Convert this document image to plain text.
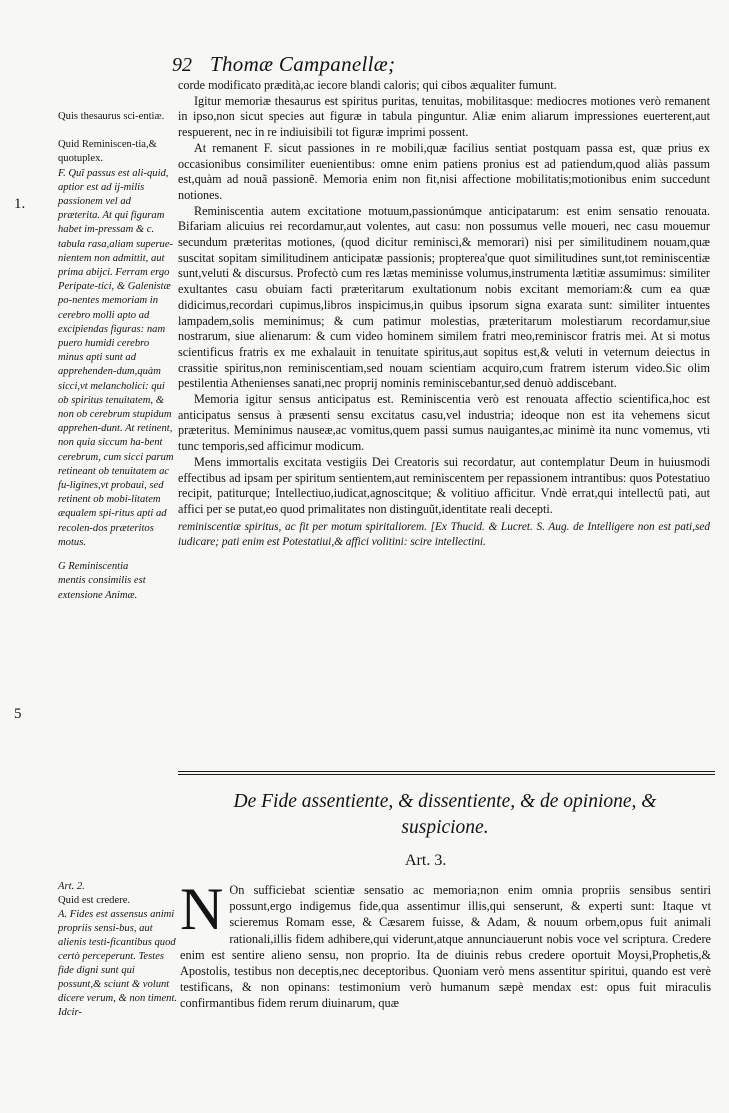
92 Thomæ Campanellæ;

corde modificato prædità,ac iecore blandi caloris; qui cibos æqualiter fumunt.

Igitur memoriæ thesaurus est spiritus puritas, tenuitas, mobilitasque: mediocres motiones verò remanent in ipso,non sicut species aut figuræ in tabula pinguntur. Aliæ enim aliarum impressiones euerterent,aut respuerent, nec in re indiuisibili tot figuræ imprimi possent.

At remanent F. sicut passiones in re mobili,quæ facilius sentiat postquam passa est, quæ prius ex occasionibus consimiliter euenientibus: omne enim patiens pronius est ad patiendum,quod aliàs passum est,quàm ad nouã passionẽ. Memoria enim non fit,nisi affectione mobilitatis;motionibus enim succedunt notiones.

Reminiscentia autem excitatione motuum,passionúmque anticipatarum: est enim sensatio renouata. Bifariam alicuius rei recordamur,aut volentes, aut casu: non possumus velle moueri, nec casu mouemur secundum præteritas motiones, (quod dicitur reminisci,& memorari) nisi per similitudinem nouam,quæ suscitat sopitam similitudinem anticipatæ passionis; propterea'que quot similitudines sunt,tot reminiscentiæ sunt,veluti & discursus. Profectò cum res lætas meminisse volumus,instrumenta lætitiæ assumimus: similiter exultantes casu obuiam facti præteritarum exultationum nobis excitant memoriam:& cum ea quæ didicimus,recordari cupimus,libros inspicimus,in quibus ipsorum signa exarata sunt: similiter intuentes lampadem,solis meminimus; & cum patimur molestias, præteritarum molestiarum recordamur,siue nostrarum, siue alienarum: & cum video hominem similem fratri meo,reminiscor fratris mei. At si motus scientificus fratris ex me exhalauit in tenuitate spiritus,aut sopitus est,& veluti in veternum deiectus in crassitie spiritus,non reminiscentiam,sed nouam scientiam acquiro,cum fratrem isterum video.Sic olim pestilentia Athenienses sanati,nec proprij nominis reminiscebantur,sed denuò addiscebant.

Memoria igitur sensus anticipatus est. Reminiscentia verò est renouata affectio scientifica,hoc est anticipatus sensus à præsenti sensu excitatus casu,vel industria; ideoque non est ita vehemens sicut præteritus. Meminimus nauseæ,ac vomitus,quem passi sumus nauigantes,ac minimè ita nunc vomemus, vti tunc temporis,sed afficimur modicum.

Mens immortalis excitata vestigiis Dei Creatoris sui recordatur, aut contemplatur Deum in huiusmodi effectibus ad ipsam per spiritum sentientem,aut reminiscentem per repassionem intrantibus: quos Potestatiuo recipit, patiturque; Intellectiuo,iudicat,agnoscitque; & volitiuo afficitur. Vndè errat,qui intellectû pati, aut affici per se putat,eo quod primalitates non distinguũt,identitate reali decepti.

reminiscentiæ spiritus, ac fit per motum spiritaliorem. [Ex Thucid. & Lucret. S. Aug. de Intelligere non est pati,sed iudicare; pati enim est Potestatiui,& affici volitini: scire intellectini.

Quis thesaurus sci-entiæ.
Quid Reminiscen-tia,& quotuplex.
F. Quî passus est ali-quid, aptior est ad ij-milis passionem vel ad præterita. At qui figuram habet im-pressam & c. tabula rasa,aliam superue-nientem non admittit, aut prima abijci. Ferram ergo Peripate-tici, & Galenistæ po-nentes memoriam in cerebro molli apto ad excipiendas figuras: nam puero humidi cerebro minus apti sunt ad apprehenden-dum,quàm sicci,vt melancholici: qui ob spiritus tenuitatem, & non ob cerebrum stupidum apprehen-dunt. At retinent, non quia siccum ha-bent cerebrum, cum sicci parum retineant ob tenuitatem ac fu-ligines,vt probaui, sed retinent ob mobi-litatem æqualem spi-ritus apti ad recolen-dos præteritos motus.
G Reminiscentia
mentis consimilis est extensione Animæ.
1.
5
De Fide assentiente, & dissentiente, & de opinione, &
suspicione.
Art. 3.
Art. 2.
Quid est credere.
A. Fides est assensus animi propriis sensi-bus, aut alienis testi-ficantibus quod certò perceperunt. Testes fide digni sunt qui possunt,& sciunt & volunt dicere verum, & non timent. Idcir-
N On sufficiebat scientiæ sensatio ac memoria;non enim omnia propriis sensibus sentiri possunt,ergo indigemus fide,qua assentimur illis,qui senserunt, & experti sunt: Itaque vt scieremus Romam esse, & Cæsarem fuisse, & Adam, & nouum orbem,opus fuit animali rationali,illis fidem adhibere,qui viderunt,atque annunciauerunt nobis voce vel scriptura. Credere enim est sentire alieno sensu, non proprio. Ita de diuinis rebus credere oportuit Moysi,Prophetis,& Apostolis, testibus non deceptis,nec deceptoribus. Quoniam verò mens assentitur spiritui, quando est verè testificans, & non opinans: testimonium verò humanum sæpè mendax est: opus fuit miraculis confirmantibus fidem rerum diuinarum, quæ
